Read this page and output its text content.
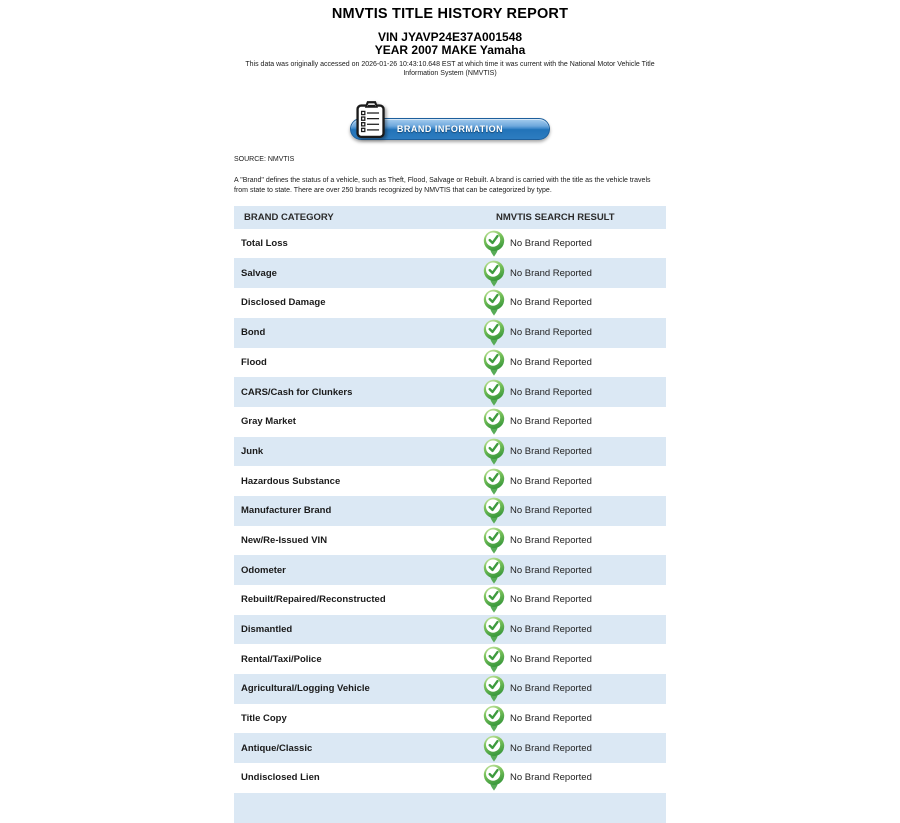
NMVTIS TITLE HISTORY REPORT
VIN JYAVP24E37A001548
YEAR 2007 MAKE Yamaha
This data was originally accessed on 2026-01-26 10:43:10.648 EST at which time it was current with the National Motor Vehicle Title Information System (NMVTIS)
BRAND INFORMATION
SOURCE: NMVTIS
A "Brand" defines the status of a vehicle, such as Theft, Flood, Salvage or Rebuilt. A brand is carried with the title as the vehicle travels from state to state. There are over 250 brands recognized by NMVTIS that can be categorized by type.
BRAND CATEGORY	NMVTIS SEARCH RESULT
Total Loss	No Brand Reported
Salvage	No Brand Reported
Disclosed Damage	No Brand Reported
Bond	No Brand Reported
Flood	No Brand Reported
CARS/Cash for Clunkers	No Brand Reported
Gray Market	No Brand Reported
Junk	No Brand Reported
Hazardous Substance	No Brand Reported
Manufacturer Brand	No Brand Reported
New/Re-Issued VIN	No Brand Reported
Odometer	No Brand Reported
Rebuilt/Repaired/Reconstructed	No Brand Reported
Dismantled	No Brand Reported
Rental/Taxi/Police	No Brand Reported
Agricultural/Logging Vehicle	No Brand Reported
Title Copy	No Brand Reported
Antique/Classic	No Brand Reported
Undisclosed Lien	No Brand Reported
